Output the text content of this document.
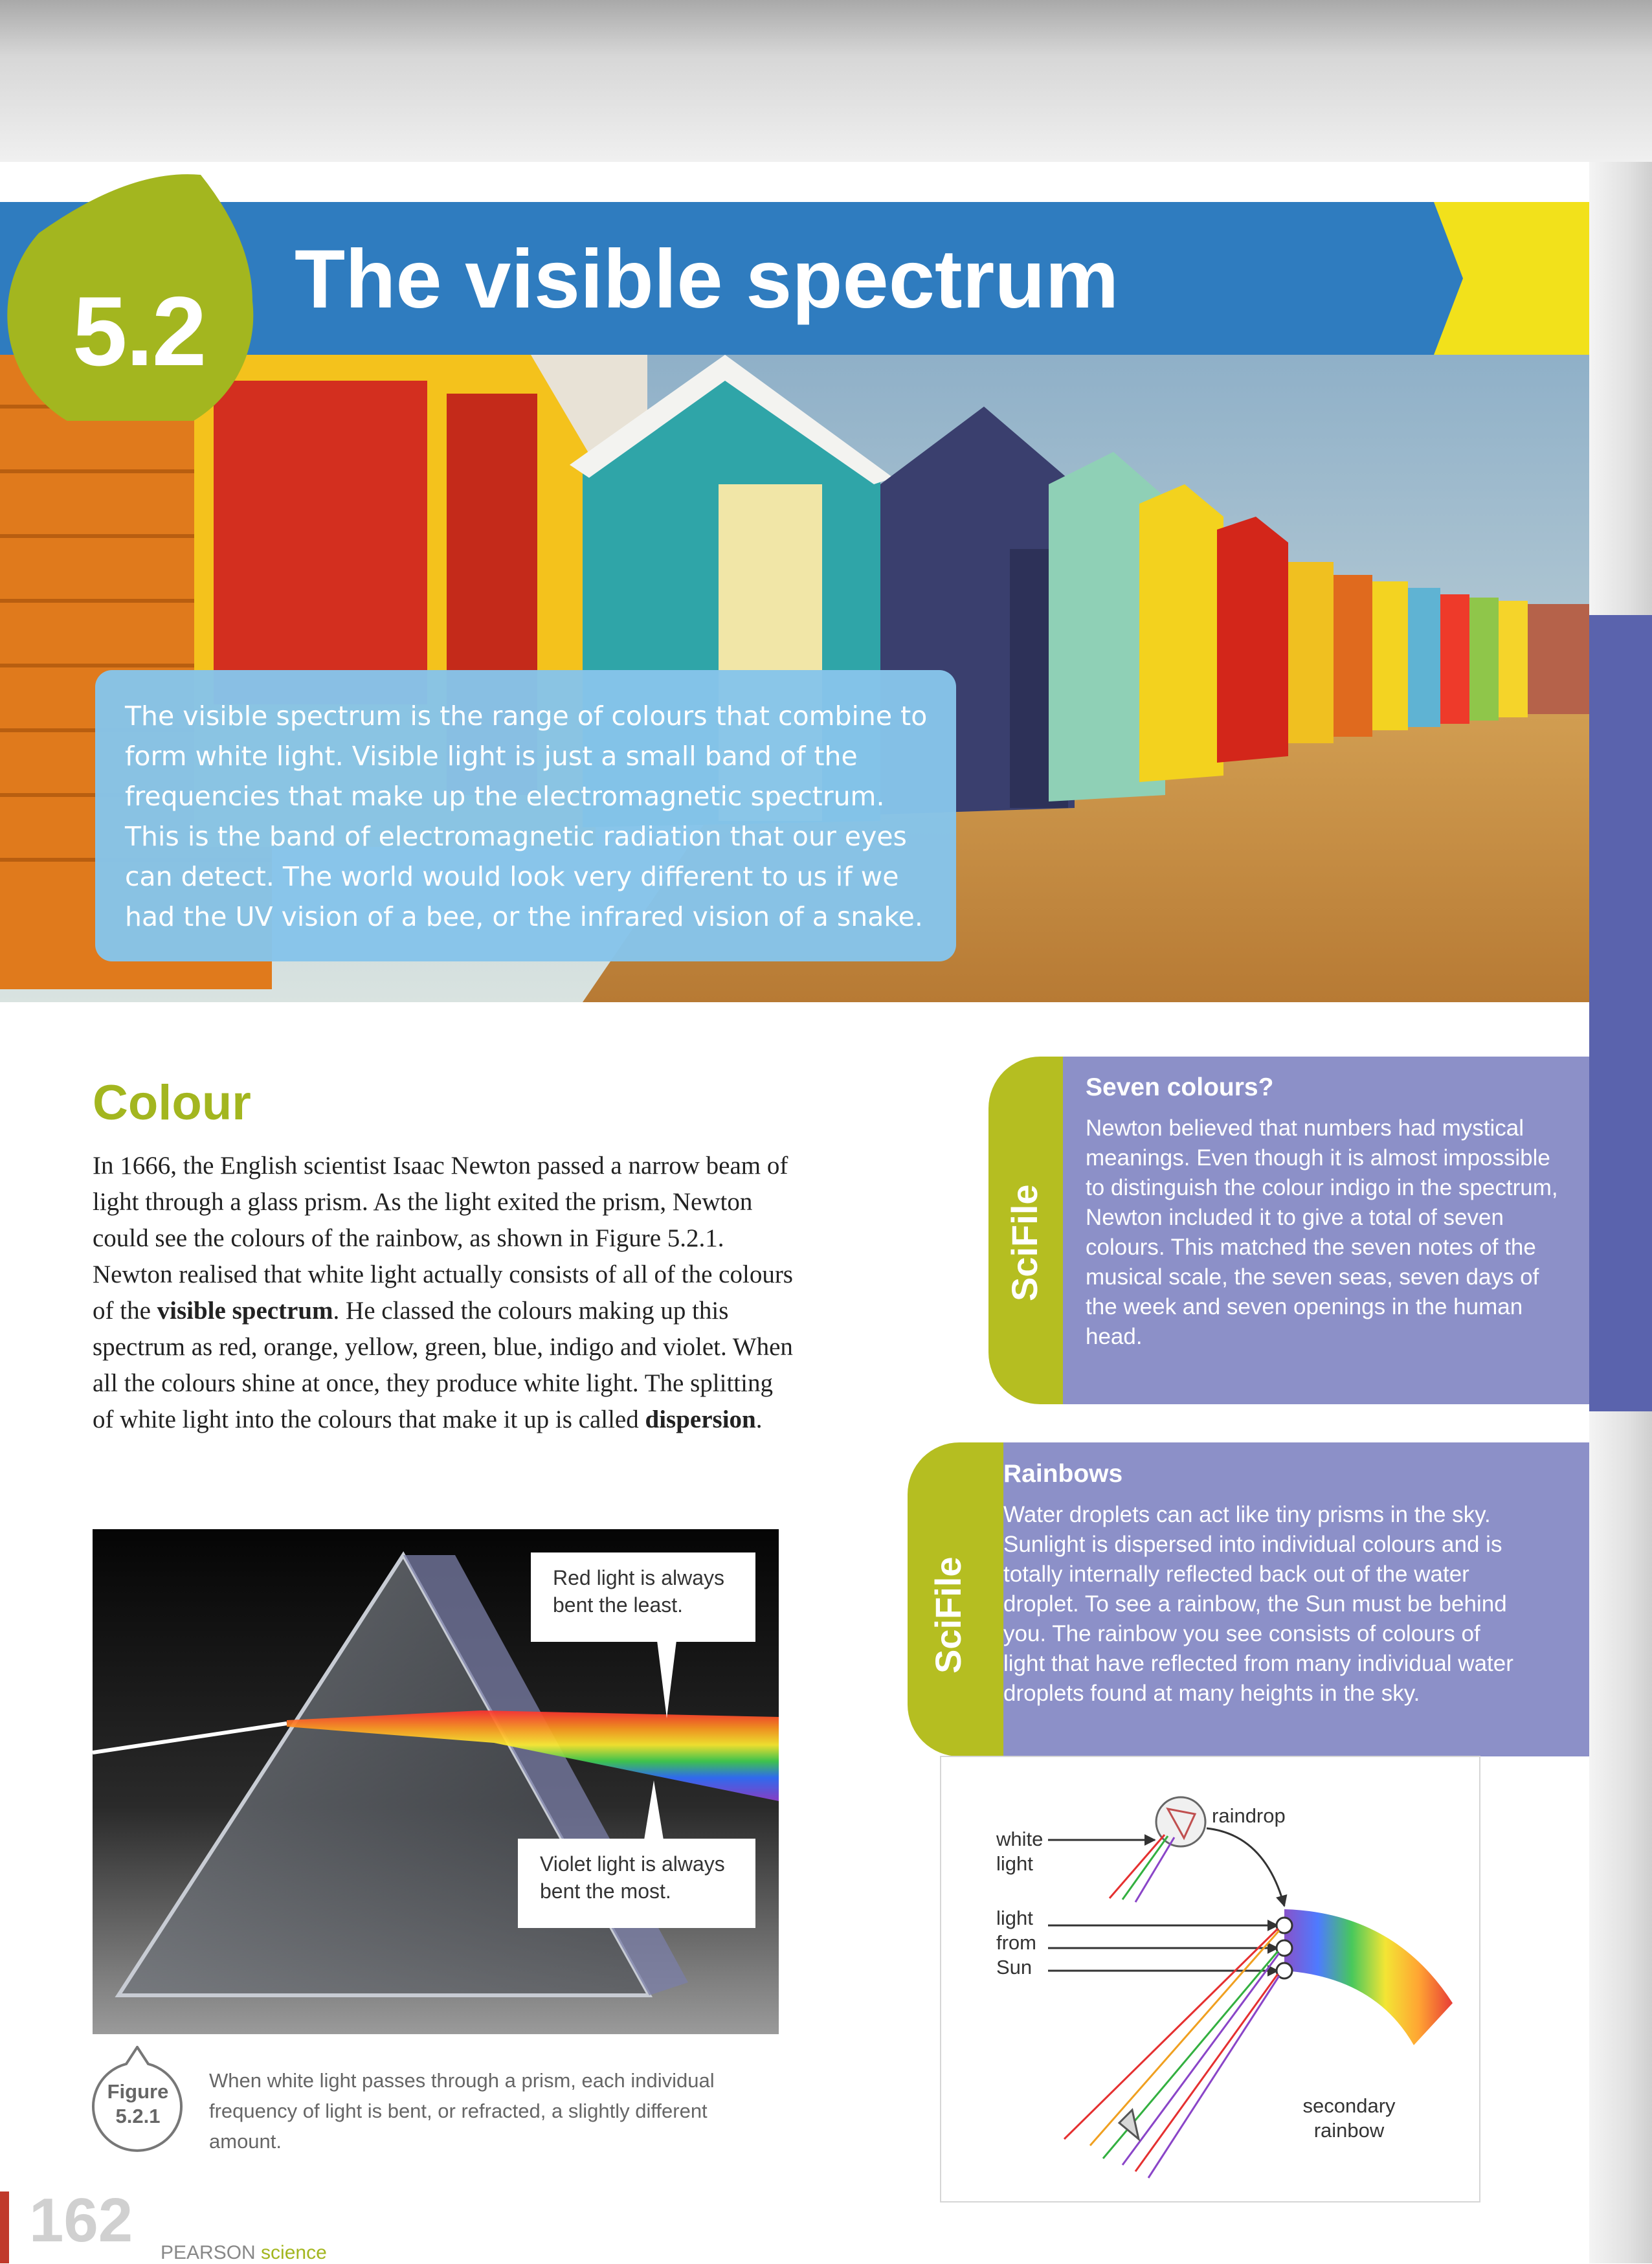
5.2	The visible spectrum
The visible spectrum is the range of colours that combine to form white light. Visible light is just a small band of the frequencies that make up the electromagnetic spectrum. This is the band of electromagnetic radiation that our eyes can detect. The world would look very different to us if we had the UV vision of a bee, or the infrared vision of a snake.
Colour
In 1666, the English scientist Isaac Newton passed a narrow beam of light through a glass prism. As the light exited the prism, Newton could see the colours of the rainbow, as shown in Figure 5.2.1. Newton realised that white light actually consists of all of the colours of the visible spectrum. He classed the colours making up this spectrum as red, orange, yellow, green, blue, indigo and violet. When all the colours shine at once, they produce white light. The splitting of white light into the colours that make it up is called dispersion.
Red light is always bent the least.
Violet light is always bent the most.
Figure
5.2.1
When white light passes through a prism, each individual frequency of light is bent, or refracted, a slightly different amount.
SciFile
Seven colours?
Newton believed that numbers had mystical meanings. Even though it is almost impossible to distinguish the colour indigo in the spectrum, Newton included it to give a total of seven colours. This matched the seven notes of the musical scale, the seven seas, seven days of the week and seven openings in the human head.
SciFile
Rainbows
Water droplets can act like tiny prisms in the sky. Sunlight is dispersed into individual colours and is totally internally reflected back out of the water droplet. To see a rainbow, the Sun must be behind you. The rainbow you see consists of colours of light that have reflected from many individual water droplets found at many heights in the sky.
white
light
light
from
Sun
raindrop
secondary
rainbow
162 PEARSON science
